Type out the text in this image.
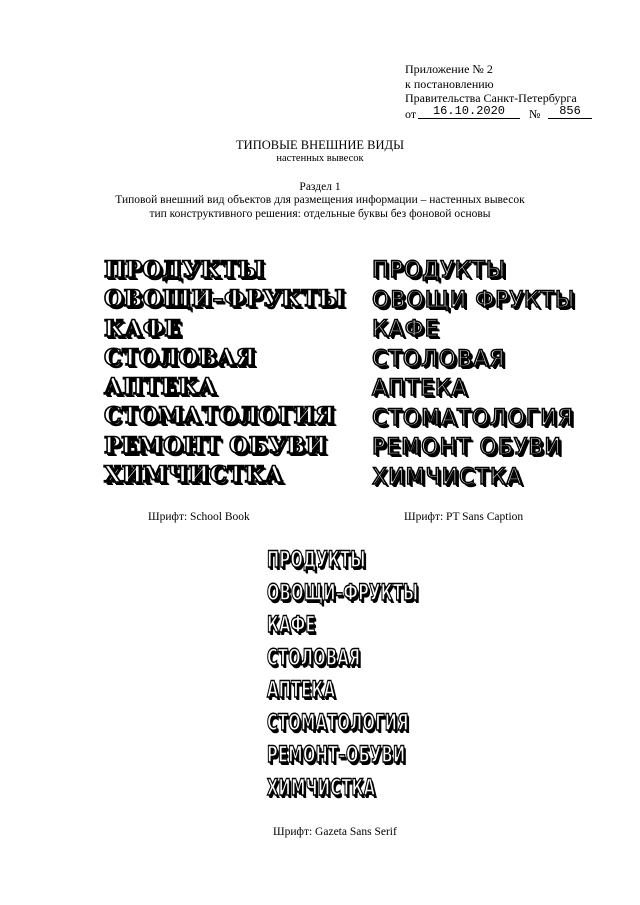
Приложение № 2
к постановлению
Правительства Санкт-Петербурга
от	16.10.2020	№	856
ТИПОВЫЕ ВНЕШНИЕ ВИДЫ
настенных вывесок
Раздел 1
Типовой внешний вид объектов для размещения информации – настенных вывесок
тип конструктивного решения: отдельные буквы без фоновой основы
ПРОДУКТЫ
ОВОЩИ–ФРУКТЫ
КАФЕ
СТОЛОВАЯ
АПТЕКА
СТОМАТОЛОГИЯ
РЕМОНТ ОБУВИ
ХИМЧИСТКА
ПРОДУКТЫ
ОВОЩИ ФРУКТЫ
КАФЕ
СТОЛОВАЯ
АПТЕКА
СТОМАТОЛОГИЯ
РЕМОНТ ОБУВИ
ХИМЧИСТКА
Шрифт: School Book	Шрифт: PT Sans Caption
ПРОДУКТЫ
ОВОЩИ–ФРУКТЫ
КАФЕ
СТОЛОВАЯ
АПТЕКА
СТОМАТОЛОГИЯ
РЕМОНТ–ОБУВИ
ХИМЧИСТКА
Шрифт: Gazeta Sans Serif
